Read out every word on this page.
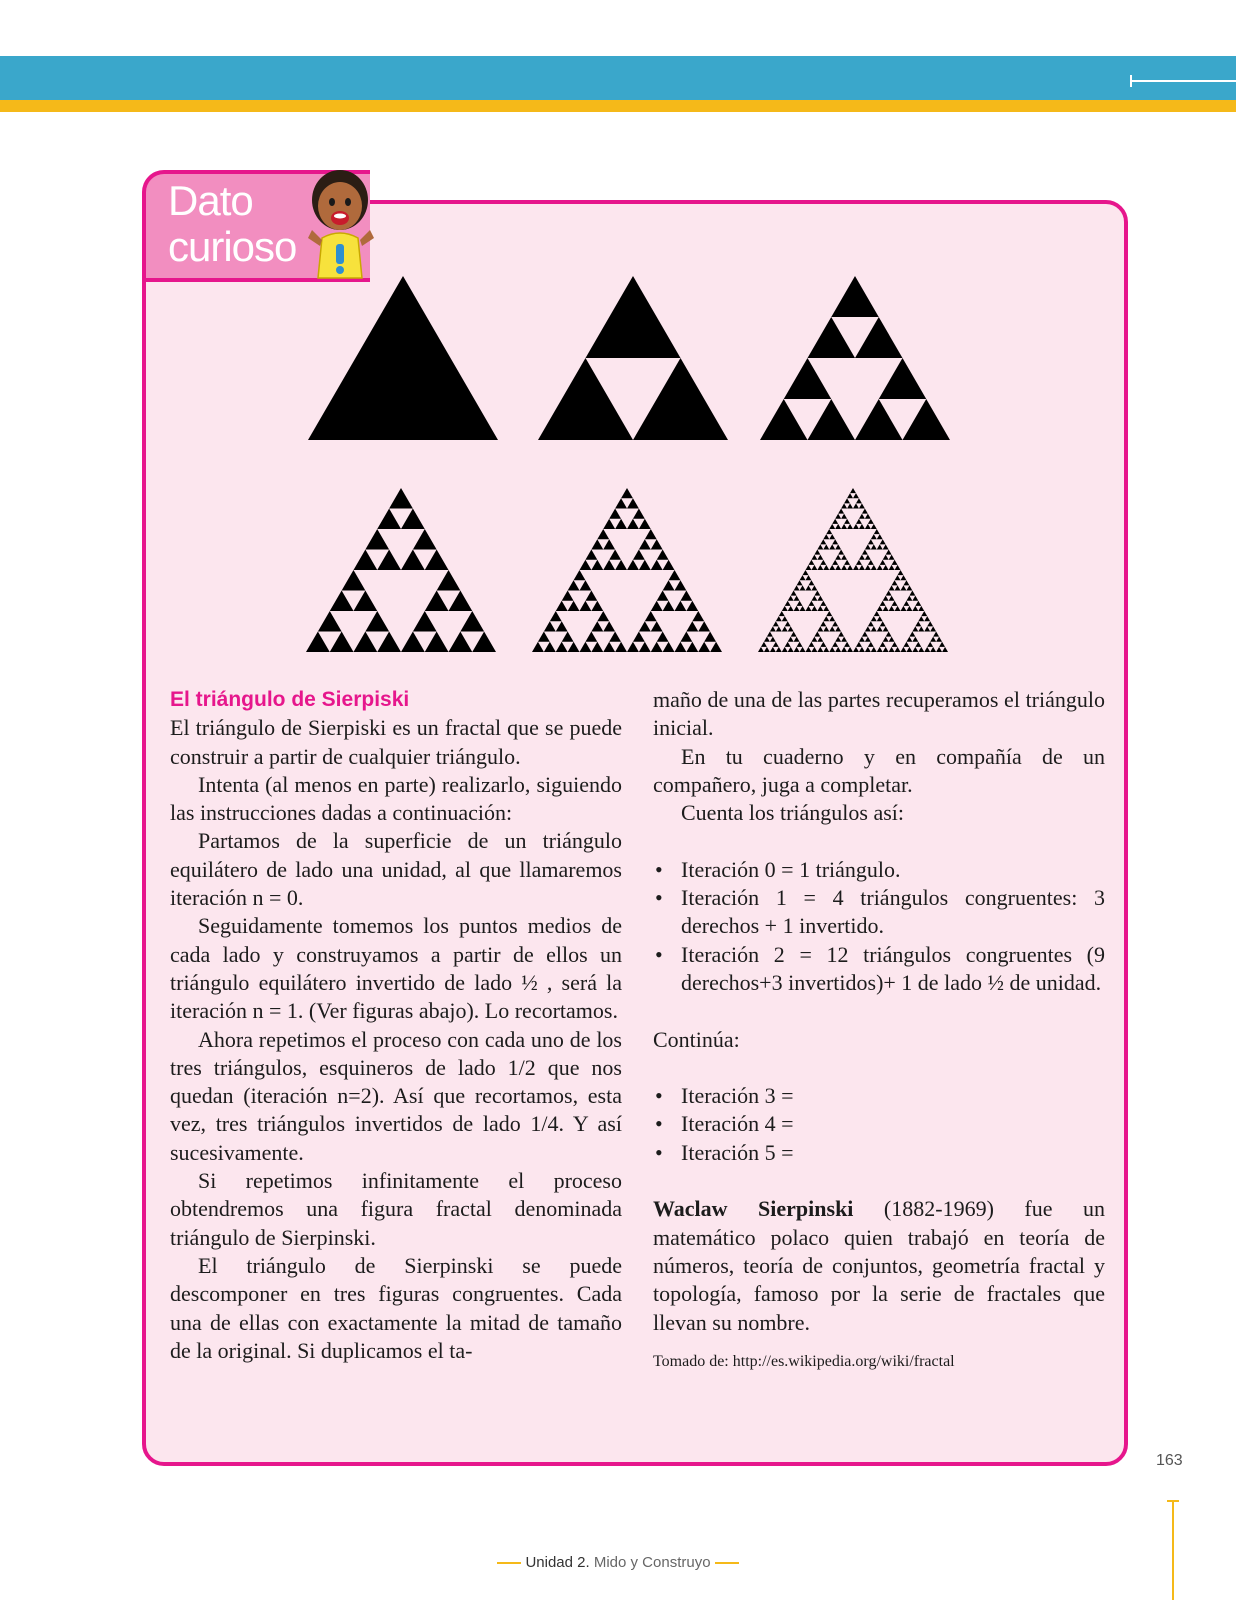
Dato
curioso

El triángulo de Sierpiski

El triángulo de Sierpiski es un fractal que se puede construir a partir de cualquier triángulo.

Intenta (al menos en parte) realizarlo, siguiendo las instrucciones dadas a continuación:

Partamos de la superficie de un triángulo equilátero de lado una unidad, al que llamaremos iteración n = 0.

Seguidamente tomemos los puntos medios de cada lado y construyamos a partir de ellos un triángulo equilátero invertido de lado ½ , será la iteración n = 1. (Ver figuras abajo). Lo recortamos.

Ahora repetimos el proceso con cada uno de los tres triángulos, esquineros de lado 1/2 que nos quedan (iteración n=2). Así que recortamos, esta vez, tres triángulos invertidos de lado 1/4. Y así sucesivamente.

Si repetimos infinitamente el proceso obtendremos una figura fractal denominada triángulo de Sierpinski.

El triángulo de Sierpinski se puede descomponer en tres figuras congruentes. Cada una de ellas con exactamente la mitad de tamaño de la original. Si duplicamos el ta-

maño de una de las partes recuperamos el triángulo inicial.

En tu cuaderno y en compañía de un compañero, juga a completar.

Cuenta los triángulos así:

• Iteración 0 = 1 triángulo.
• Iteración 1 = 4 triángulos congruentes: 3 derechos + 1 invertido.
• Iteración 2 = 12 triángulos congruentes (9 derechos+3 invertidos)+ 1 de lado ½ de unidad.

Continúa:

• Iteración 3 =
• Iteración 4 =
• Iteración 5 =

Waclaw Sierpinski (1882-1969) fue un matemático polaco quien trabajó en teoría de números, teoría de conjuntos, geometría fractal y topología, famoso por la serie de fractales que llevan su nombre.

Tomado de: http://es.wikipedia.org/wiki/fractal

163
Unidad 2. Mido y Construyo
